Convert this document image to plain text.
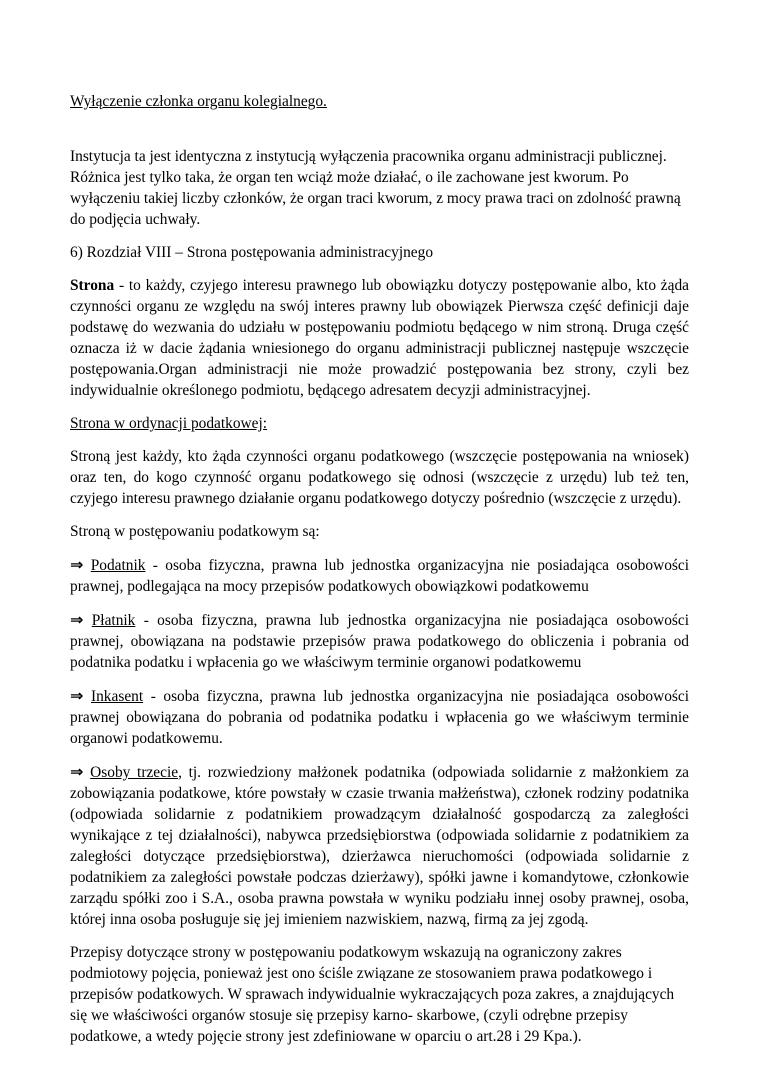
Wyłączenie członka organu kolegialnego.

Instytucja ta jest identyczna z instytucją wyłączenia pracownika organu administracji publicznej. Różnica jest tylko taka, że organ ten wciąż może działać, o ile zachowane jest kworum. Po wyłączeniu takiej liczby członków, że organ traci kworum, z mocy prawa traci on zdolność prawną do podjęcia uchwały.

6) Rozdział VIII – Strona postępowania administracyjnego

Strona - to każdy, czyjego interesu prawnego lub obowiązku dotyczy postępowanie albo, kto żąda czynności organu ze względu na swój interes prawny lub obowiązek Pierwsza część definicji daje podstawę do wezwania do udziału w postępowaniu podmiotu będącego w nim stroną. Druga część oznacza iż w dacie żądania wniesionego do organu administracji publicznej następuje wszczęcie postępowania.Organ administracji nie może prowadzić postępowania bez strony, czyli bez indywidualnie określonego podmiotu, będącego adresatem decyzji administracyjnej.

Strona w ordynacji podatkowej:

Stroną jest każdy, kto żąda czynności organu podatkowego (wszczęcie postępowania na wniosek) oraz ten, do kogo czynność organu podatkowego się odnosi (wszczęcie z urzędu) lub też ten, czyjego interesu prawnego działanie organu podatkowego dotyczy pośrednio (wszczęcie z urzędu).

Stroną w postępowaniu podatkowym są:

⇒ Podatnik - osoba fizyczna, prawna lub jednostka organizacyjna nie posiadająca osobowości prawnej, podlegająca na mocy przepisów podatkowych obowiązkowi podatkowemu

⇒ Płatnik - osoba fizyczna, prawna lub jednostka organizacyjna nie posiadająca osobowości prawnej, obowiązana na podstawie przepisów prawa podatkowego do obliczenia i pobrania od podatnika podatku i wpłacenia go we właściwym terminie organowi podatkowemu

⇒ Inkasent - osoba fizyczna, prawna lub jednostka organizacyjna nie posiadająca osobowości prawnej obowiązana do pobrania od podatnika podatku i wpłacenia go we właściwym terminie organowi podatkowemu.

⇒ Osoby trzecie, tj. rozwiedziony małżonek podatnika (odpowiada solidarnie z małżonkiem za zobowiązania podatkowe, które powstały w czasie trwania małżeństwa), członek rodziny podatnika (odpowiada solidarnie z podatnikiem prowadzącym działalność gospodarczą za zaległości wynikające z tej działalności), nabywca przedsiębiorstwa (odpowiada solidarnie z podatnikiem za zaległości dotyczące przedsiębiorstwa), dzierżawca nieruchomości (odpowiada solidarnie z podatnikiem za zaległości powstałe podczas dzierżawy), spółki jawne i komandytowe, członkowie zarządu spółki zoo i S.A., osoba prawna powstała w wyniku podziału innej osoby prawnej, osoba, której inna osoba posługuje się jej imieniem nazwiskiem, nazwą, firmą za jej zgodą.

Przepisy dotyczące strony w postępowaniu podatkowym wskazują na ograniczony zakres podmiotowy pojęcia, ponieważ jest ono ściśle związane ze stosowaniem prawa podatkowego i przepisów podatkowych. W sprawach indywidualnie wykraczających poza zakres, a znajdujących się we właściwości organów stosuje się przepisy karno- skarbowe, (czyli odrębne przepisy podatkowe, a wtedy pojęcie strony jest zdefiniowane w oparciu o art.28 i 29 Kpa.).
